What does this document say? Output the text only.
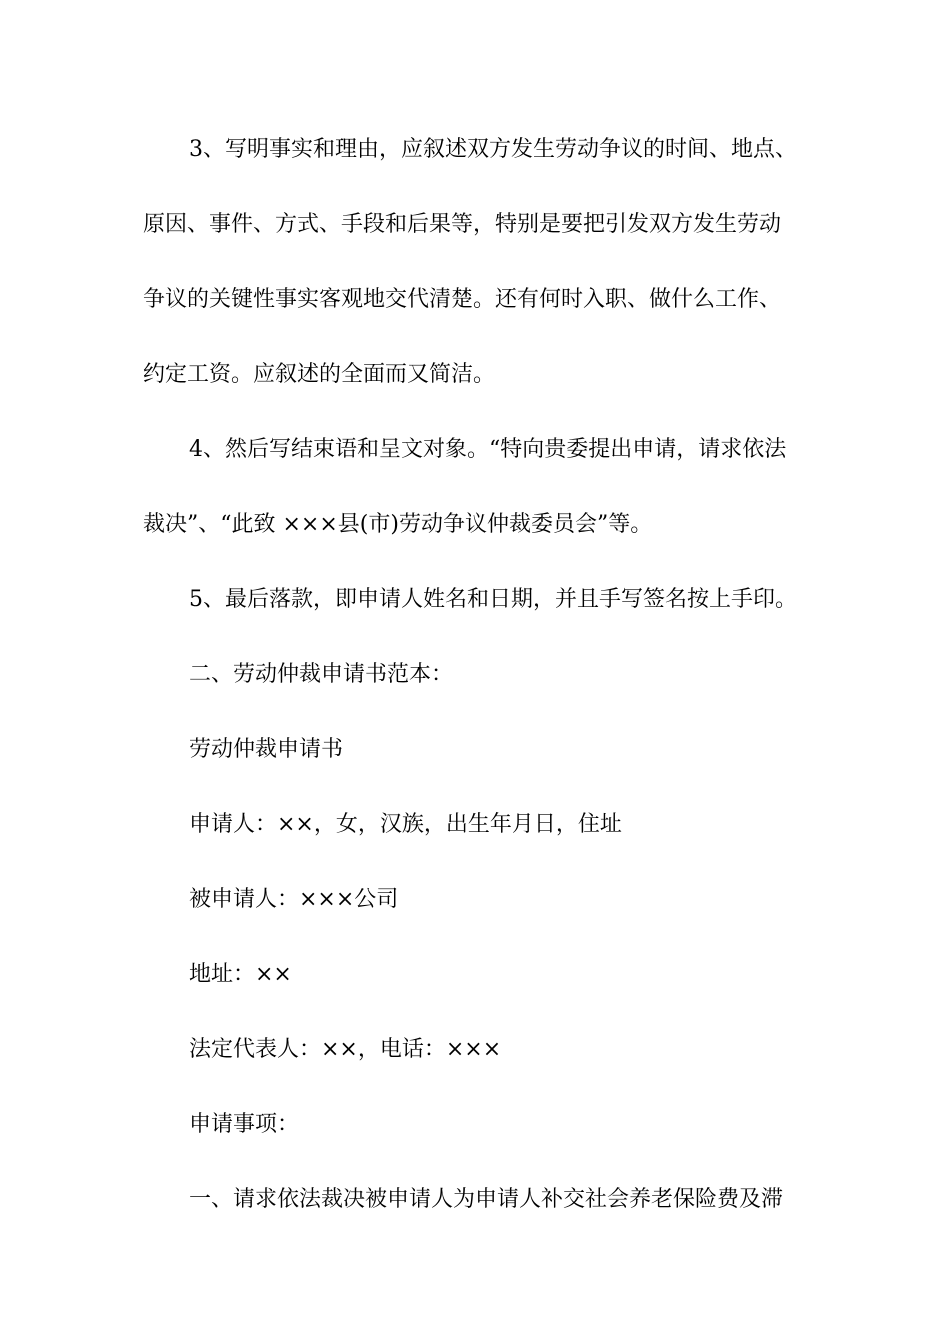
3、写明事实和理由，应叙述双方发生劳动争议的时间、地点、
原因、事件、方式、手段和后果等，特别是要把引发双方发生劳动
争议的关键性事实客观地交代清楚。还有何时入职、做什么工作、
约定工资。应叙述的全面而又简洁。
4、然后写结束语和呈文对象。“特向贵委提出申请，请求依法
裁决”、“此致 ×××县(市)劳动争议仲裁委员会”等。
5、最后落款，即申请人姓名和日期，并且手写签名按上手印。
二、劳动仲裁申请书范本：
劳动仲裁申请书
申请人：××，女，汉族，出生年月日，住址
被申请人：×××公司
地址：××
法定代表人：××，电话：×××
申请事项：
一、请求依法裁决被申请人为申请人补交社会养老保险费及滞
